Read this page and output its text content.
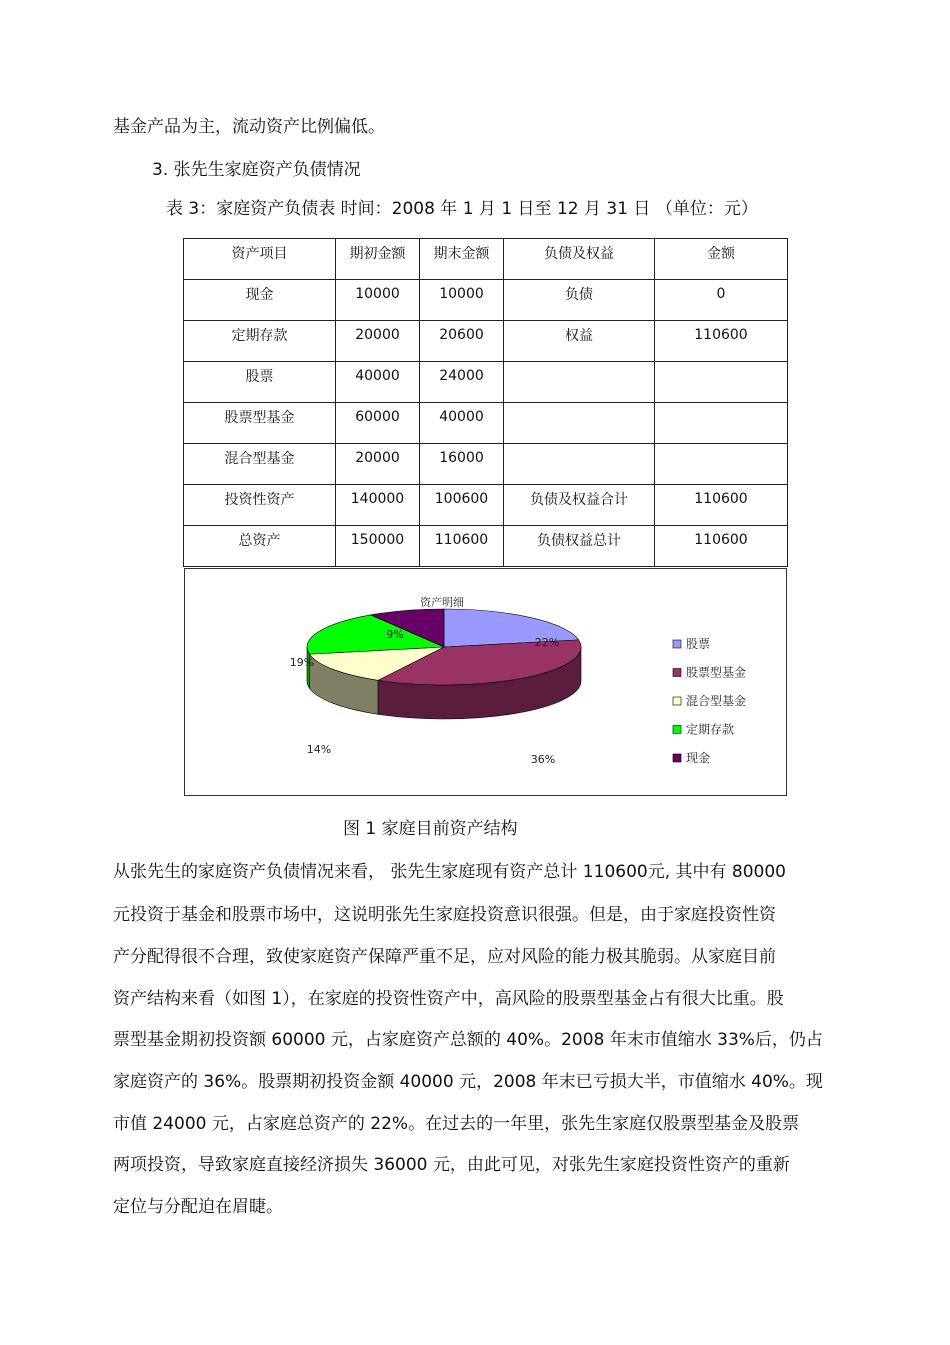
基金产品为主，流动资产比例偏低。
3. 张先生家庭资产负债情况
表 3：家庭资产负债表 时间：2008 年 1 月 1 日至 12 月 31 日 （单位：元）
资产项目	期初金额	期末金额	负债及权益	金额
现金	10000	10000	负债	0
定期存款	20000	20600	权益	110600
股票	40000	24000		
股票型基金	60000	40000		
混合型基金	20000	16000		
投资性资产	140000	100600	负债及权益合计	110600
总资产	150000	110600	负债权益总计	110600
资产明细
22%
36%
14%
19%
9%
股票
股票型基金
混合型基金
定期存款
现金
图 1 家庭目前资产结构
从张先生的家庭资产负债情况来看， 张先生家庭现有资产总计 110600元, 其中有 80000
元投资于基金和股票市场中，这说明张先生家庭投资意识很强。但是，由于家庭投资性资
产分配得很不合理，致使家庭资产保障严重不足，应对风险的能力极其脆弱。从家庭目前
资产结构来看（如图 1），在家庭的投资性资产中，高风险的股票型基金占有很大比重。股
票型基金期初投资额 60000 元，占家庭资产总额的 40%。2008 年末市值缩水 33%后，仍占
家庭资产的 36%。股票期初投资金额 40000 元，2008 年末已亏损大半，市值缩水 40%。现
市值 24000 元，占家庭总资产的 22%。在过去的一年里，张先生家庭仅股票型基金及股票
两项投资，导致家庭直接经济损失 36000 元，由此可见，对张先生家庭投资性资产的重新
定位与分配迫在眉睫。
